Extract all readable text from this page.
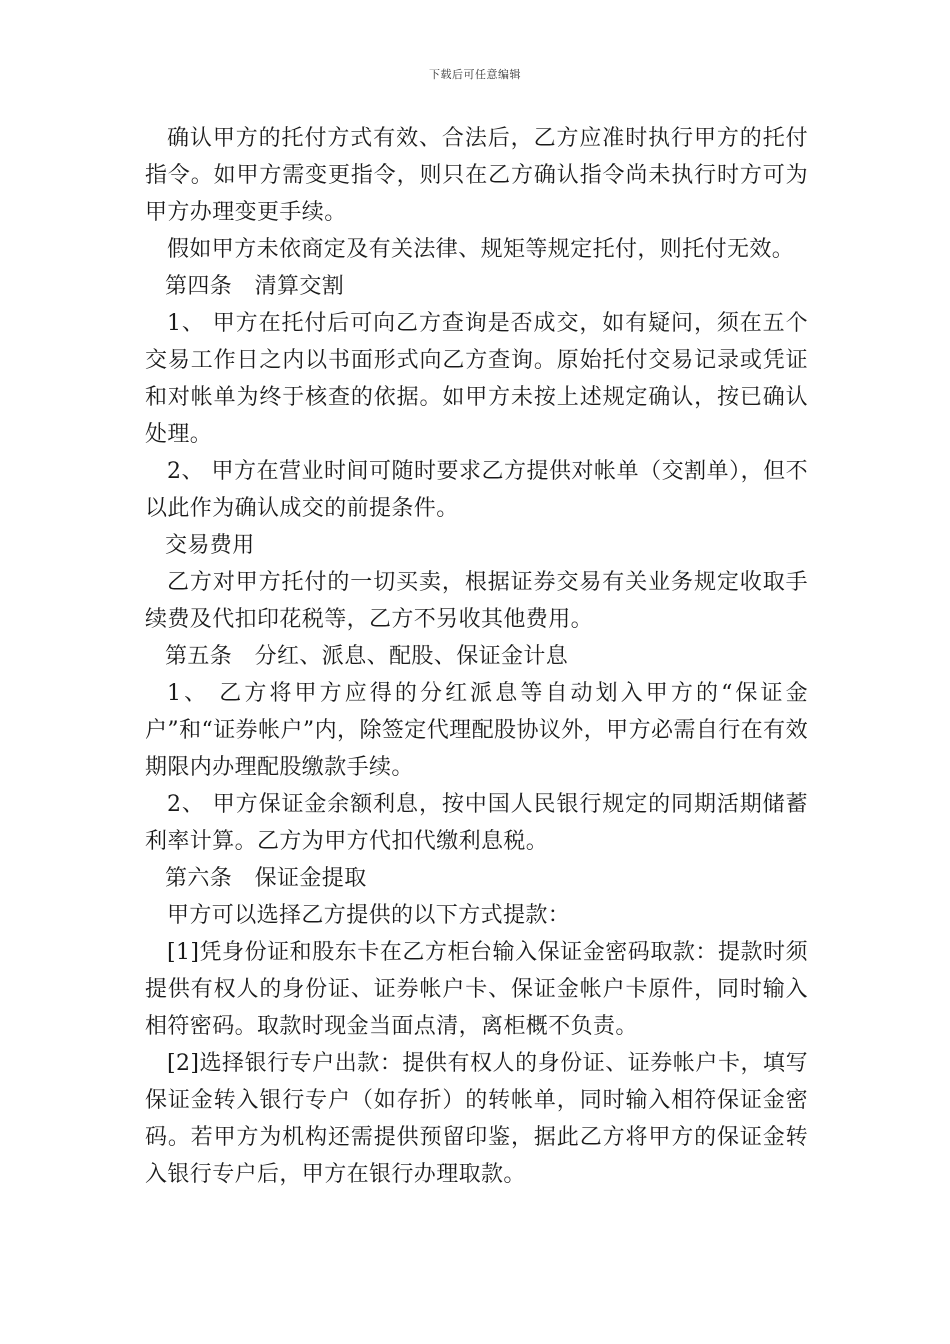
下载后可任意编辑

确认甲方的托付方式有效、合法后，乙方应准时执行甲方的托付指令。如甲方需变更指令，则只在乙方确认指令尚未执行时方可为甲方办理变更手续。

假如甲方未依商定及有关法律、规矩等规定托付，则托付无效。

第四条　清算交割

1、 甲方在托付后可向乙方查询是否成交，如有疑问，须在五个交易工作日之内以书面形式向乙方查询。原始托付交易记录或凭证和对帐单为终于核查的依据。如甲方未按上述规定确认，按已确认处理。

2、 甲方在营业时间可随时要求乙方提供对帐单（交割单），但不以此作为确认成交的前提条件。

交易费用

乙方对甲方托付的一切买卖，根据证券交易有关业务规定收取手续费及代扣印花税等，乙方不另收其他费用。

第五条　分红、派息、配股、保证金计息

1、 乙方将甲方应得的分红派息等自动划入甲方的“保证金户”和“证券帐户”内，除签定代理配股协议外，甲方必需自行在有效期限内办理配股缴款手续。

2、 甲方保证金余额利息，按中国人民银行规定的同期活期储蓄利率计算。乙方为甲方代扣代缴利息税。

第六条　保证金提取

甲方可以选择乙方提供的以下方式提款：

[1]凭身份证和股东卡在乙方柜台输入保证金密码取款：提款时须提供有权人的身份证、证券帐户卡、保证金帐户卡原件，同时输入相符密码。取款时现金当面点清，离柜概不负责。

[2]选择银行专户出款：提供有权人的身份证、证券帐户卡，填写保证金转入银行专户（如存折）的转帐单，同时输入相符保证金密码。若甲方为机构还需提供预留印鉴，据此乙方将甲方的保证金转入银行专户后，甲方在银行办理取款。
